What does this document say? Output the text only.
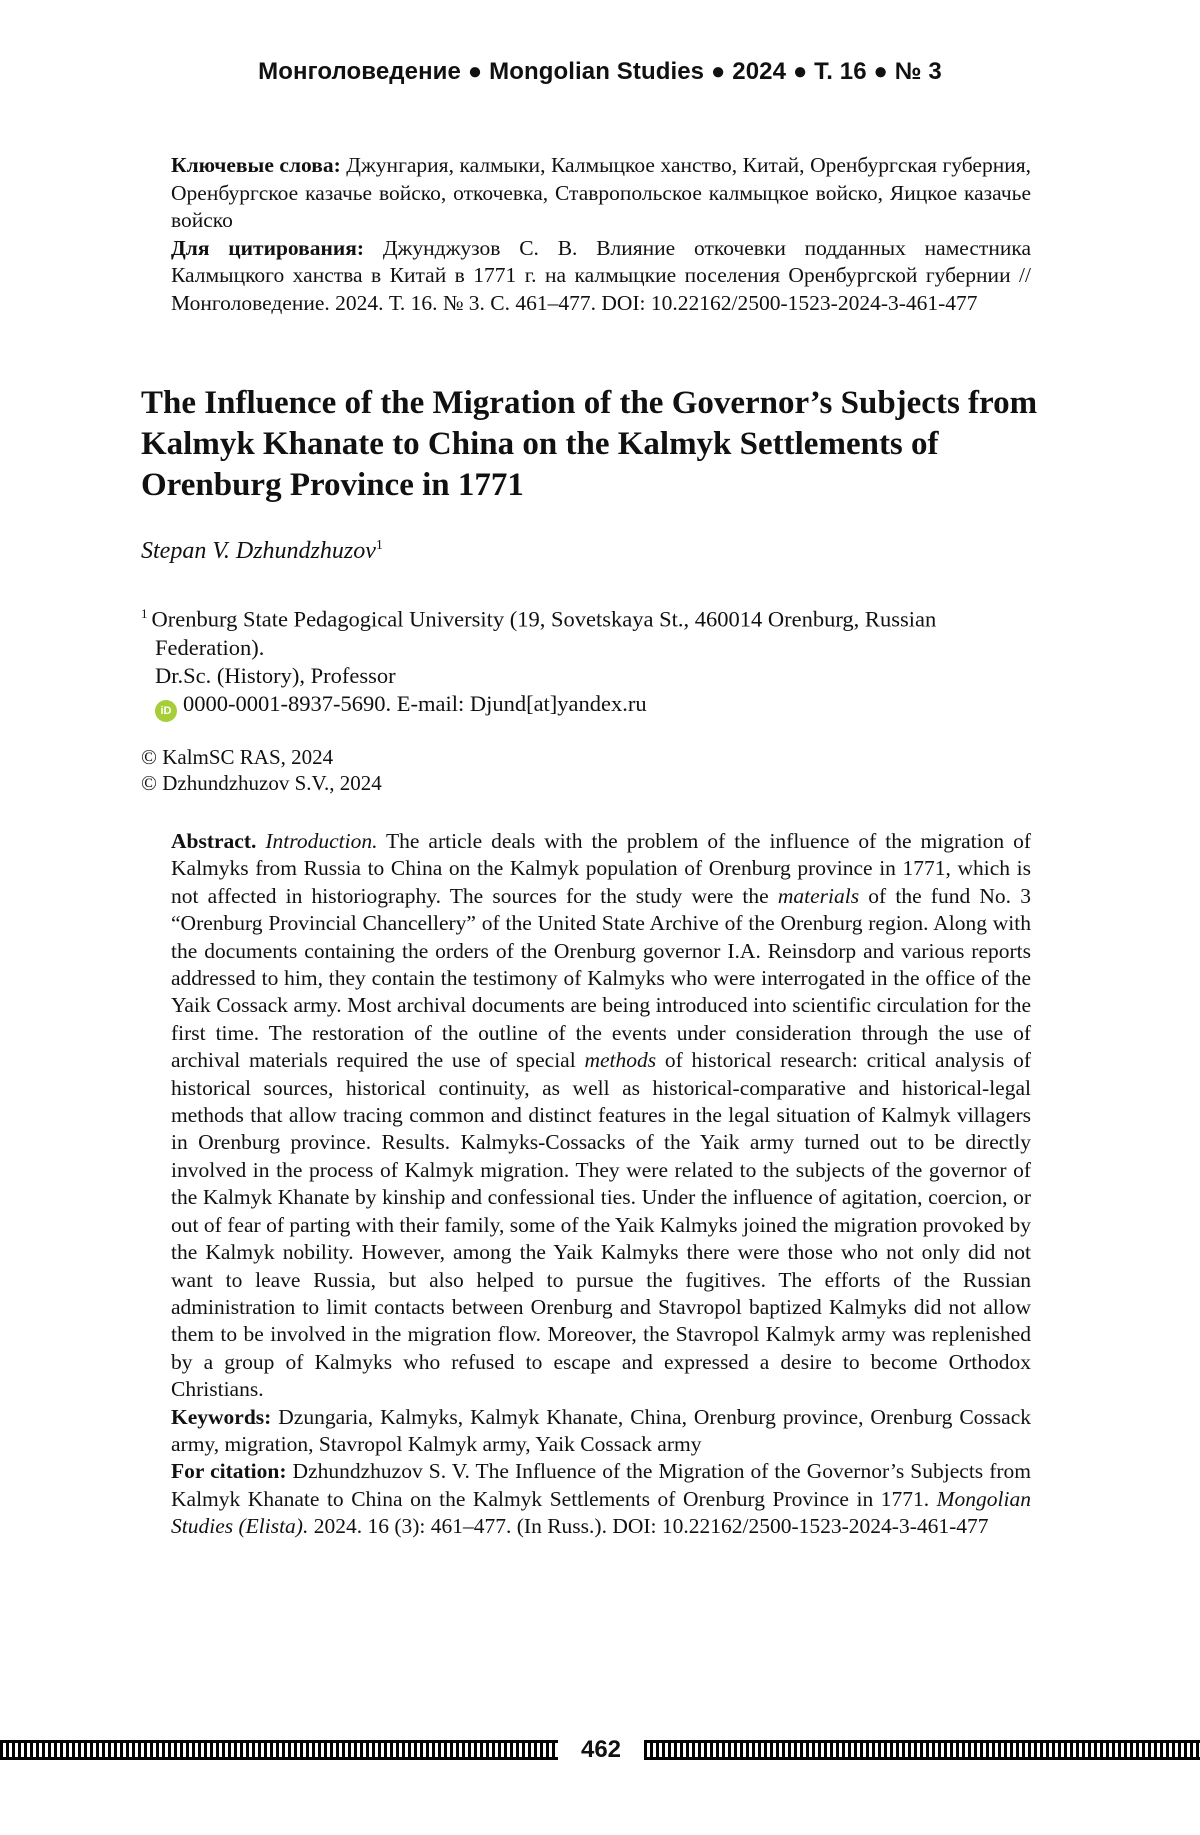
Монголоведение ● Mongolian Studies ● 2024 ● Т. 16 ● № 3

Ключевые слова: Джунгария, калмыки, Калмыцкое ханство, Китай, Оренбургская губерния, Оренбургское казачье войско, откочевка, Ставропольское калмыцкое войско, Яицкое казачье войско

Для цитирования: Джунджузов С. В. Влияние откочевки подданных наместника Калмыцкого ханства в Китай в 1771 г. на калмыцкие поселения Оренбургской губернии // Монголоведение. 2024. Т. 16. № 3. С. 461–477. DOI: 10.22162/2500-1523-2024-3-461-477

The Influence of the Migration of the Governor’s Subjects from Kalmyk Khanate to China on the Kalmyk Settlements of Orenburg Province in 1771
Stepan V. Dzhundzhuzov$^1$
$^1$ Orenburg State Pedagogical University (19, Sovetskaya St., 460014 Orenburg, Russian
Federation).
Dr.Sc. (History), Professor
iD 0000-0001-8937-5690. E-mail: Djund[at]yandex.ru
© KalmSC RAS, 2024
© Dzhundzhuzov S.V., 2024

Abstract. Introduction. The article deals with the problem of the influence of the migration of Kalmyks from Russia to China on the Kalmyk population of Orenburg province in 1771, which is not affected in historiography. The sources for the study were the materials of the fund No. 3 “Orenburg Provincial Chancellery” of the United State Archive of the Orenburg region. Along with the documents containing the orders of the Orenburg governor I.A. Reinsdorp and various reports addressed to him, they contain the testimony of Kalmyks who were interrogated in the office of the Yaik Cossack army. Most archival documents are being introduced into scientific circulation for the first time. The restoration of the outline of the events under consideration through the use of archival materials required the use of special methods of historical research: critical analysis of historical sources, historical continuity, as well as historical-comparative and historical-legal methods that allow tracing common and distinct features in the legal situation of Kalmyk villagers in Orenburg province. Results. Kalmyks-Cossacks of the Yaik army turned out to be directly involved in the process of Kalmyk migration. They were related to the subjects of the governor of the Kalmyk Khanate by kinship and confessional ties. Under the influence of agitation, coercion, or out of fear of parting with their family, some of the Yaik Kalmyks joined the migration provoked by the Kalmyk nobility. However, among the Yaik Kalmyks there were those who not only did not want to leave Russia, but also helped to pursue the fugitives. The efforts of the Russian administration to limit contacts between Orenburg and Stavropol baptized Kalmyks did not allow them to be involved in the migration flow. Moreover, the Stavropol Kalmyk army was replenished by a group of Kalmyks who refused to escape and expressed a desire to become Orthodox Christians.

Keywords: Dzungaria, Kalmyks, Kalmyk Khanate, China, Orenburg province, Orenburg Cossack army, migration, Stavropol Kalmyk army, Yaik Cossack army

For citation: Dzhundzhuzov S. V. The Influence of the Migration of the Governor’s Subjects from Kalmyk Khanate to China on the Kalmyk Settlements of Orenburg Province in 1771. Mongolian Studies (Elista). 2024. 16 (3): 461–477. (In Russ.). DOI: 10.22162/2500-1523-2024-3-461-477

462
